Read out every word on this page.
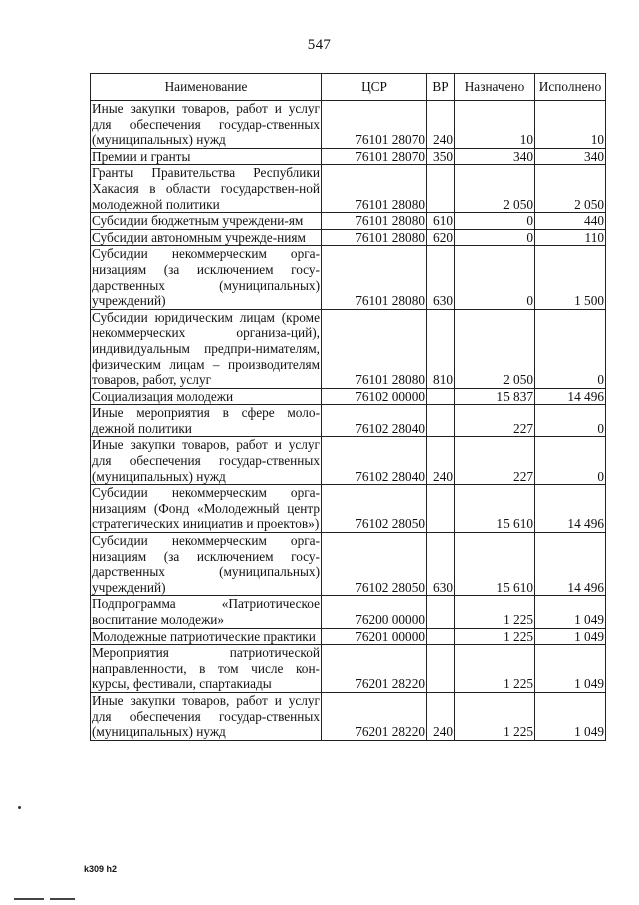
547
Наименование	ЦСР	ВР	Назначено	Исполнено
Иные закупки товаров, работ и услуг для обеспечения государ-ственных (муниципальных) нужд	76101 28070	240	10	10
Премии и гранты	76101 28070	350	340	340
Гранты Правительства Республики Хакасия в области государствен-ной молодежной политики	76101 28080		2 050	2 050
Субсидии бюджетным учреждени-ям	76101 28080	610	0	440
Субсидии автономным учрежде-ниям	76101 28080	620	0	110
Субсидии некоммерческим орга-низациям (за исключением госу-дарственных (муниципальных) учреждений)	76101 28080	630	0	1 500
Субсидии юридическим лицам (кроме некоммерческих организа-ций), индивидуальным предпри-нимателям, физическим лицам – производителям товаров, работ, услуг	76101 28080	810	2 050	0
Социализация молодежи	76102 00000		15 837	14 496
Иные мероприятия в сфере моло-дежной политики	76102 28040		227	0
Иные закупки товаров, работ и услуг для обеспечения государ-ственных (муниципальных) нужд	76102 28040	240	227	0
Субсидии некоммерческим орга-низациям (Фонд «Молодежный центр стратегических инициатив и проектов»)	76102 28050		15 610	14 496
Субсидии некоммерческим орга-низациям (за исключением госу-дарственных (муниципальных) учреждений)	76102 28050	630	15 610	14 496
Подпрограмма «Патриотическое воспитание молодежи»	76200 00000		1 225	1 049
Молодежные патриотические практики	76201 00000		1 225	1 049
Мероприятия патриотической направленности, в том числе кон-курсы, фестивали, спартакиады	76201 28220		1 225	1 049
Иные закупки товаров, работ и услуг для обеспечения государ-ственных (муниципальных) нужд	76201 28220	240	1 225	1 049
k309 h2
